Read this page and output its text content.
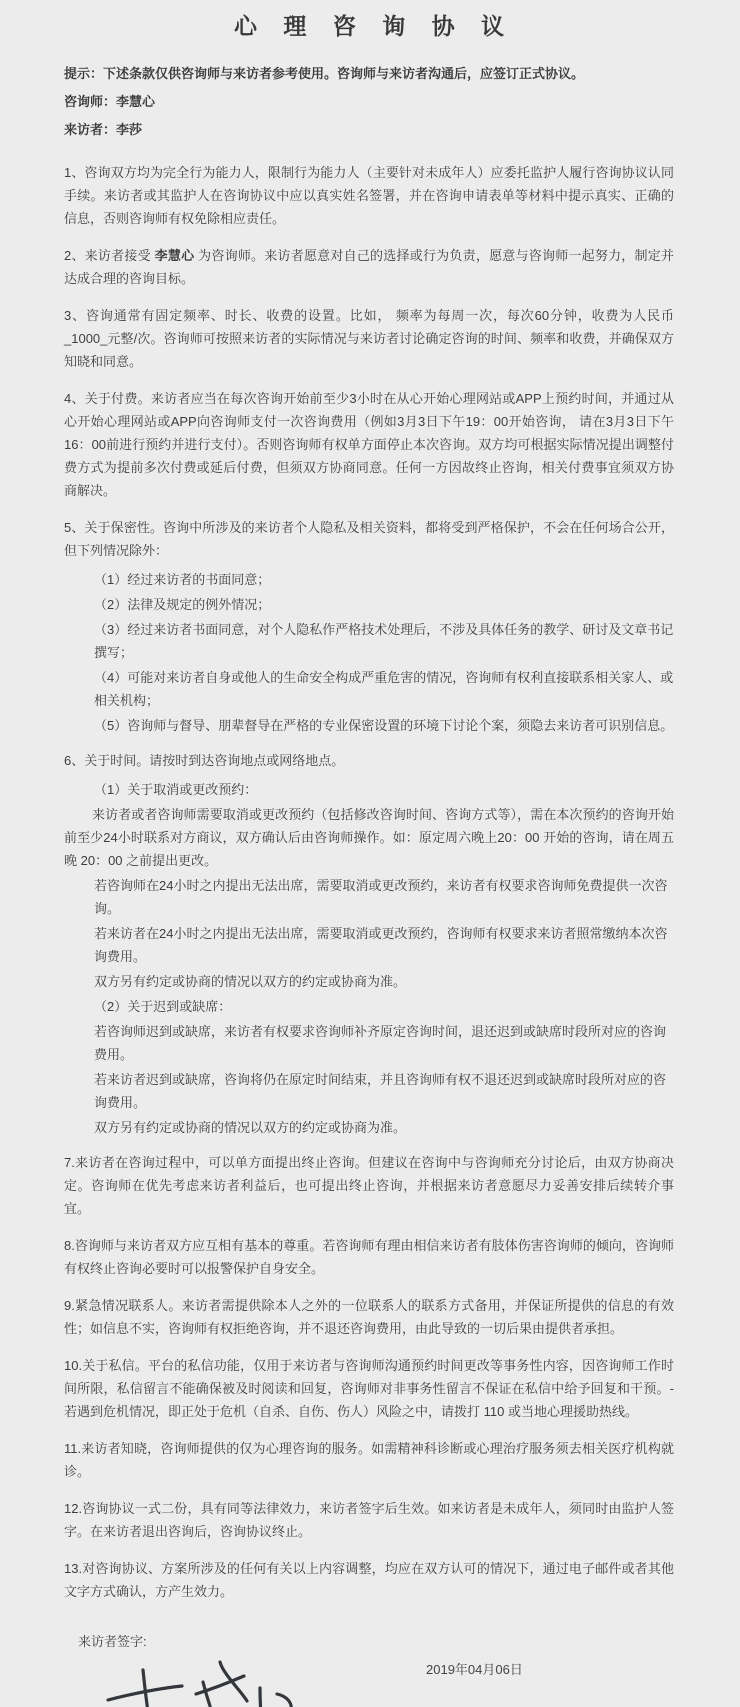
心 理 咨 询 协 议

提示：下述条款仅供咨询师与来访者参考使用。咨询师与来访者沟通后，应签订正式协议。

咨询师：李慧心

来访者：李莎

1、咨询双方均为完全行为能力人，限制行为能力人（主要针对未成年人）应委托监护人履行咨询协议认同手续。来访者或其监护人在咨询协议中应以真实姓名签署，并在咨询申请表单等材料中提示真实、正确的信息，否则咨询师有权免除相应责任。

2、来访者接受 李慧心 为咨询师。来访者愿意对自己的选择或行为负责，愿意与咨询师一起努力，制定并达成合理的咨询目标。

3、咨询通常有固定频率、时长、收费的设置。比如， 频率为每周一次，每次60分钟，收费为人民币_1000_元整/次。咨询师可按照来访者的实际情况与来访者讨论确定咨询的时间、频率和收费，并确保双方知晓和同意。

4、关于付费。来访者应当在每次咨询开始前至少3小时在从心开始心理网站或APP上预约时间，并通过从心开始心理网站或APP向咨询师支付一次咨询费用（例如3月3日下午19：00开始咨询， 请在3月3日下午16：00前进行预约并进行支付）。否则咨询师有权单方面停止本次咨询。双方均可根据实际情况提出调整付费方式为提前多次付费或延后付费，但须双方协商同意。任何一方因故终止咨询，相关付费事宜须双方协商解决。

5、关于保密性。咨询中所涉及的来访者个人隐私及相关资料，都将受到严格保护，不会在任何场合公开，但下列情况除外：

（1）经过来访者的书面同意；

（2）法律及规定的例外情况；

（3）经过来访者书面同意，对个人隐私作严格技术处理后，不涉及具体任务的教学、研讨及文章书记撰写；

（4）可能对来访者自身或他人的生命安全构成严重危害的情况，咨询师有权利直接联系相关家人、或相关机构；

（5）咨询师与督导、朋辈督导在严格的专业保密设置的环境下讨论个案，须隐去来访者可识别信息。

6、关于时间。请按时到达咨询地点或网络地点。

（1）关于取消或更改预约：

来访者或者咨询师需要取消或更改预约（包括修改咨询时间、咨询方式等），需在本次预约的咨询开始前至少24小时联系对方商议，双方确认后由咨询师操作。如：原定周六晚上20：00 开始的咨询，请在周五晚 20：00 之前提出更改。

若咨询师在24小时之内提出无法出席，需要取消或更改预约，来访者有权要求咨询师免费提供一次咨询。

若来访者在24小时之内提出无法出席，需要取消或更改预约，咨询师有权要求来访者照常缴纳本次咨询费用。

双方另有约定或协商的情况以双方的约定或协商为准。

（2）关于迟到或缺席：

若咨询师迟到或缺席，来访者有权要求咨询师补齐原定咨询时间，退还迟到或缺席时段所对应的咨询费用。

若来访者迟到或缺席，咨询将仍在原定时间结束，并且咨询师有权不退还迟到或缺席时段所对应的咨询费用。

双方另有约定或协商的情况以双方的约定或协商为准。

7.来访者在咨询过程中，可以单方面提出终止咨询。但建议在咨询中与咨询师充分讨论后，由双方协商决定。咨询师在优先考虑来访者利益后，也可提出终止咨询，并根据来访者意愿尽力妥善安排后续转介事宜。

8.咨询师与来访者双方应互相有基本的尊重。若咨询师有理由相信来访者有肢体伤害咨询师的倾向，咨询师有权终止咨询必要时可以报警保护自身安全。

9.紧急情况联系人。来访者需提供除本人之外的一位联系人的联系方式备用，并保证所提供的信息的有效性；如信息不实，咨询师有权拒绝咨询，并不退还咨询费用，由此导致的一切后果由提供者承担。

10.关于私信。平台的私信功能，仅用于来访者与咨询师沟通预约时间更改等事务性内容，因咨询师工作时间所限，私信留言不能确保被及时阅读和回复，咨询师对非事务性留言不保证在私信中给予回复和干预。- 若遇到危机情况，即正处于危机（自杀、自伤、伤人）风险之中，请拨打 110 或当地心理援助热线。

11.来访者知晓，咨询师提供的仅为心理咨询的服务。如需精神科诊断或心理治疗服务须去相关医疗机构就诊。

12.咨询协议一式二份，具有同等法律效力，来访者签字后生效。如来访者是未成年人，须同时由监护人签字。在来访者退出咨询后，咨询协议终止。

13.对咨询协议、方案所涉及的任何有关以上内容调整，均应在双方认可的情况下，通过电子邮件或者其他文字方式确认，方产生效力。

来访者签字:

2019年04月06日
